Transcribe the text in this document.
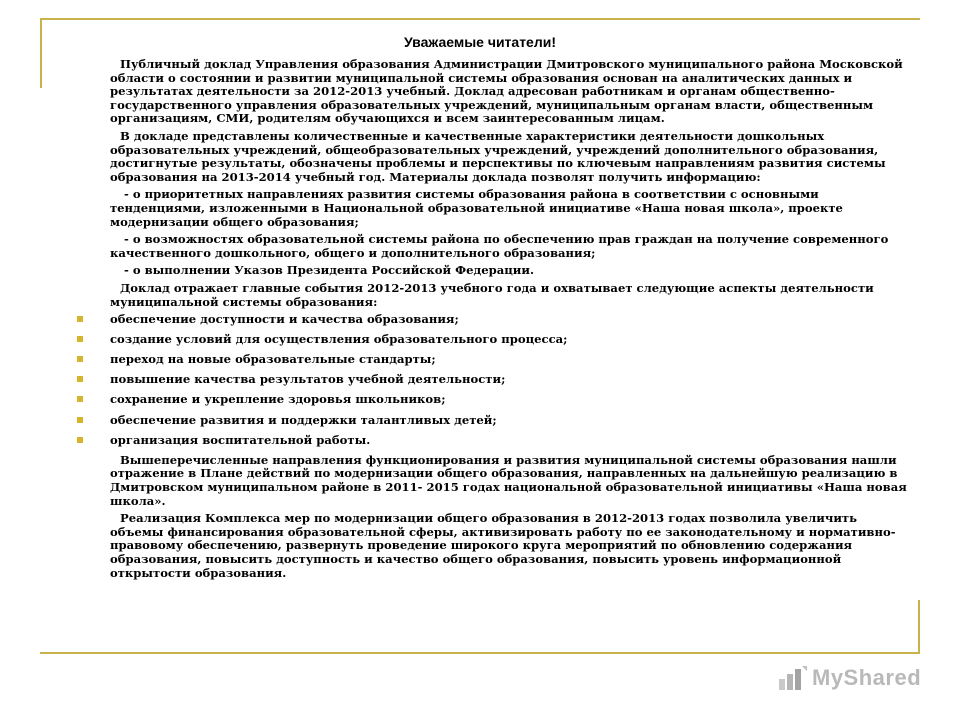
Уважаемые читатели!

Публичный доклад Управления образования Администрации Дмитровского муниципального района Московской области о состоянии и развитии муниципальной системы образования основан на аналитических данных и результатах деятельности за 2012-2013 учебный. Доклад адресован работникам и органам общественно-государственного управления образовательных учреждений, муниципальным органам власти, общественным организациям, СМИ, родителям обучающихся и всем заинтересованным лицам.

В докладе представлены количественные и качественные характеристики деятельности дошкольных образовательных учреждений, общеобразовательных учреждений, учреждений дополнительного образования, достигнутые результаты, обозначены проблемы и перспективы по ключевым направлениям развития системы образования на 2013-2014 учебный год. Материалы доклада позволят получить информацию:

- о приоритетных направлениях развития системы образования района в соответствии с основными тенденциями, изложенными в Национальной образовательной инициативе «Наша новая школа», проекте модернизации общего образования;

- о возможностях образовательной системы района по обеспечению прав граждан на получение современного качественного дошкольного, общего и дополнительного образования;

- о выполнении Указов Президента Российской Федерации.

Доклад отражает главные события 2012-2013 учебного года и охватывает следующие аспекты деятельности муниципальной системы образования:

обеспечение доступности и качества образования;
создание условий для осуществления образовательного процесса;
переход на новые образовательные стандарты;
повышение качества результатов учебной деятельности;
сохранение и укрепление здоровья школьников;
обеспечение развития и поддержки талантливых детей;
организация воспитательной работы.

Вышеперечисленные направления функционирования и развития муниципальной системы образования нашли отражение в Плане действий по модернизации общего образования, направленных на дальнейшую реализацию в Дмитровском муниципальном районе в 2011- 2015 годах национальной образовательной инициативы «Наша новая школа».

Реализация Комплекса мер по модернизации общего образования в 2012-2013 годах позволила увеличить объемы финансирования образовательной сферы, активизировать работу по ее законодательному и нормативно-правовому обеспечению, развернуть проведение широкого круга мероприятий по обновлению содержания образования, повысить доступность и качество общего образования, повысить уровень информационной открытости образования.

MyShared
